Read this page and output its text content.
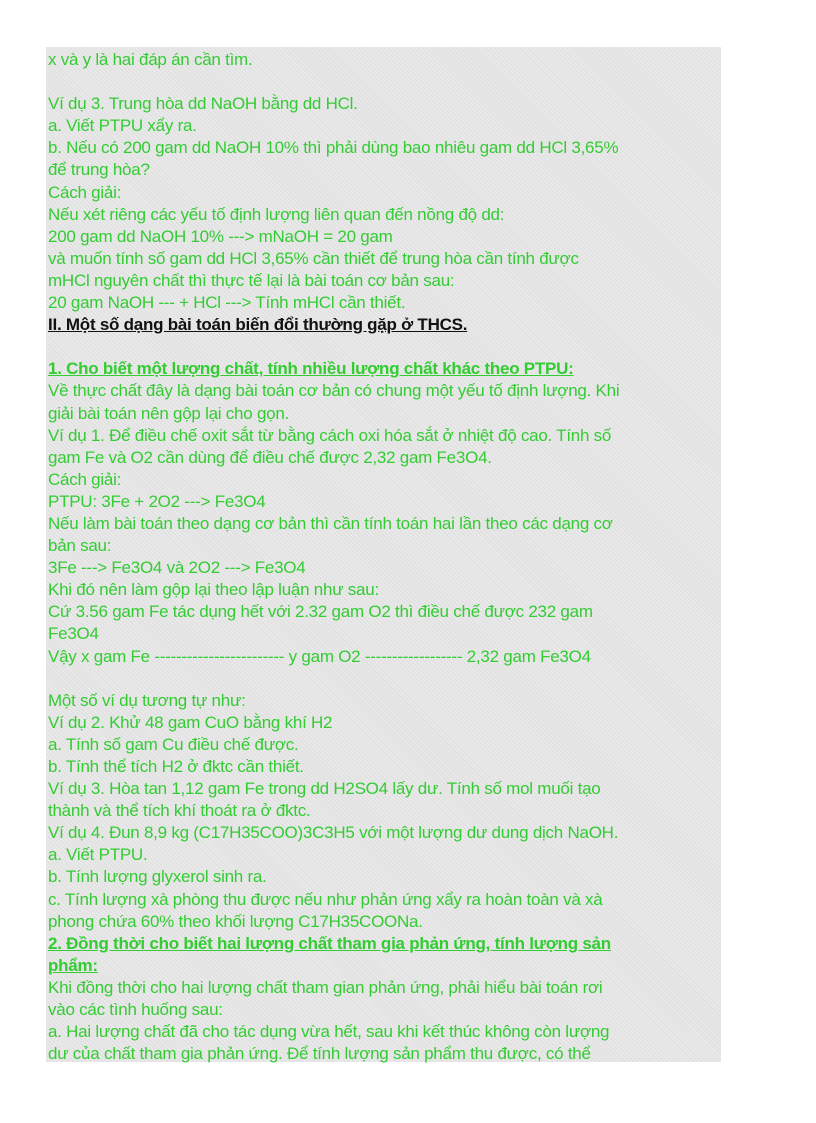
x và y là hai đáp án cần tìm.
Ví dụ 3. Trung hòa dd NaOH bằng dd HCl.
a. Viết PTPU xẩy ra.
b. Nếu có 200 gam dd NaOH 10% thì phải dùng bao nhiêu gam dd HCl 3,65%
để trung hòa?
Cách giải:
Nếu xét riêng các yếu tố định lượng liên quan đến nồng độ dd:
200 gam dd NaOH 10% ---> mNaOH = 20 gam
và muốn tính số gam dd HCl 3,65% cần thiết để trung hòa cần tính được
mHCl nguyên chất thì thực tế lại là bài toán cơ bản sau:
20 gam NaOH --- + HCl ---> Tính mHCl cần thiết.
II. Một số dạng bài toán biến đổi thường gặp ở THCS.
1. Cho biết một lượng chất, tính nhiều lượng chất khác theo PTPU:
Về thực chất đây là dạng bài toán cơ bản có chung một yếu tố định lượng. Khi
giải bài toán nên gộp lại cho gọn.
Ví dụ 1. Để điều chế oxit sắt từ bằng cách oxi hóa sắt ở nhiệt độ cao. Tính số
gam Fe và O2 cần dùng để điều chế được 2,32 gam Fe3O4.
Cách giải:
PTPU: 3Fe + 2O2 ---> Fe3O4
Nếu làm bài toán theo dạng cơ bản thì cần tính toán hai lần theo các dạng cơ
bản sau:
3Fe ---> Fe3O4 và 2O2 ---> Fe3O4
Khi đó nên làm gộp lại theo lập luận như sau:
Cứ 3.56 gam Fe tác dụng hết với 2.32 gam O2 thì điều chế được 232 gam
Fe3O4
Vậy x gam Fe ------------------------ y gam O2 ------------------ 2,32 gam Fe3O4
Một số ví dụ tương tự như:
Ví dụ 2. Khử 48 gam CuO bằng khí H2
a. Tính số gam Cu điều chế được.
b. Tính thể tích H2 ở đktc cần thiết.
Ví dụ 3. Hòa tan 1,12 gam Fe trong dd H2SO4 lấy dư. Tính số mol muối tạo
thành và thể tích khí thoát ra ở đktc.
Ví dụ 4. Đun 8,9 kg (C17H35COO)3C3H5 với một lượng dư dung dịch NaOH.
a. Viết PTPU.
b. Tính lượng glyxerol sinh ra.
c. Tính lượng xà phòng thu được nếu như phản ứng xẩy ra hoàn toàn và xà
phong chứa 60% theo khối lượng C17H35COONa.
2. Đồng thời cho biết hai lượng chất tham gia phản ứng, tính lượng sản
phẩm:
Khi đồng thời cho hai lượng chất tham gian phản ứng, phải hiểu bài toán rơi
vào các tình huống sau:
a. Hai lượng chất đã cho tác dụng vừa hết, sau khi kết thúc không còn lượng
dư của chất tham gia phản ứng. Để tính lượng sản phẩm thu được, có thể
